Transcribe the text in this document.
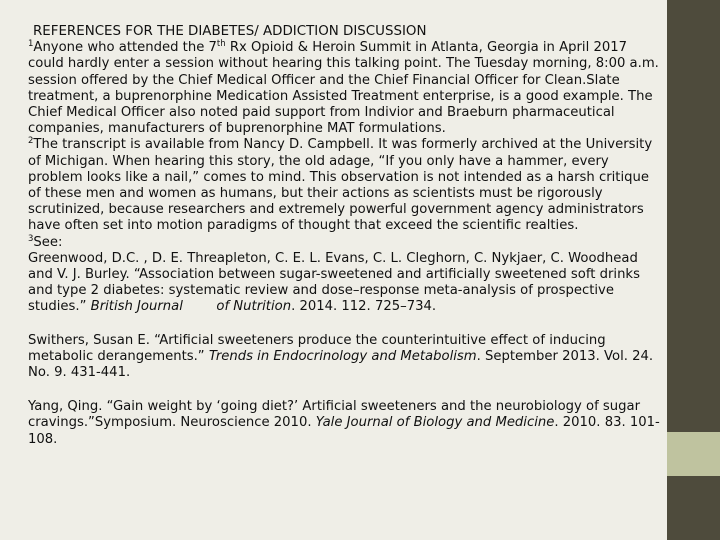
REFERENCES FOR THE DIABETES/ ADDICTION DISCUSSION

$^1$Anyone who attended the 7th Rx Opioid & Heroin Summit in Atlanta, Georgia in April 2017 could hardly enter a session without hearing this talking point. The Tuesday morning, 8:00 a.m. session offered by the Chief Medical Officer and the Chief Financial Officer for Clean.Slate treatment, a buprenorphine Medication Assisted Treatment enterprise, is a good example. The Chief Medical Officer also noted paid support from Indivior and Braeburn pharmaceutical companies, manufacturers of buprenorphine MAT formulations.

$^2$The transcript is available from Nancy D. Campbell. It was formerly archived at the University of Michigan. When hearing this story, the old adage, “If you only have a hammer, every problem looks like a nail,” comes to mind. This observation is not intended as a harsh critique of these men and women as humans, but their actions as scientists must be rigorously scrutinized, because researchers and extremely powerful government agency administrators have often set into motion paradigms of thought that exceed the scientific realties.

$^3$See:

Greenwood, D.C. , D. E. Threapleton, C. E. L. Evans, C. L. Cleghorn, C. Nykjaer, C. Woodhead and V. J. Burley. “Association between sugar-sweetened and artificially sweetened soft drinks and type 2 diabetes: systematic review and dose–response meta-analysis of prospective studies.” British Journal        of Nutrition. 2014. 112. 725–734.

Swithers, Susan E. “Artificial sweeteners produce the counterintuitive effect of inducing metabolic derangements.” Trends in Endocrinology and Metabolism. September 2013. Vol. 24. No. 9. 431-441.

Yang, Qing. “Gain weight by ‘going diet?’ Artificial sweeteners and the neurobiology of sugar cravings.”Symposium. Neuroscience 2010. Yale Journal of Biology and Medicine. 2010. 83. 101-108.
